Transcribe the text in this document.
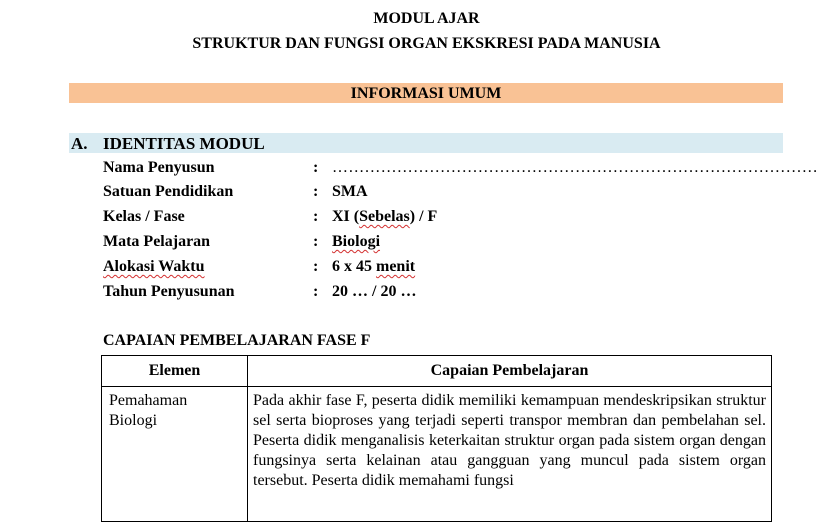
MODUL AJAR
STRUKTUR DAN FUNGSI ORGAN EKSKRESI PADA MANUSIA
INFORMASI UMUM
A. IDENTITAS MODUL
Nama Penyusun	: ………………………………………………………………………………
Satuan Pendidikan	: SMA
Kelas / Fase	: XI (Sebelas) / F
Mata Pelajaran	: Biologi
Alokasi Waktu	: 6 x 45 menit
Tahun Penyusunan	: 20 … / 20 …
CAPAIAN PEMBELAJARAN FASE F
Elemen	Capaian Pembelajaran

Pemahaman
Biologi	Pada akhir fase F, peserta didik memiliki kemampuan mendeskripsikan struktur sel serta bioproses yang terjadi seperti transpor membran dan pembelahan sel. Peserta didik menganalisis keterkaitan struktur organ pada sistem organ dengan fungsinya serta kelainan atau gangguan yang muncul pada sistem organ tersebut. Peserta didik memahami fungsi
